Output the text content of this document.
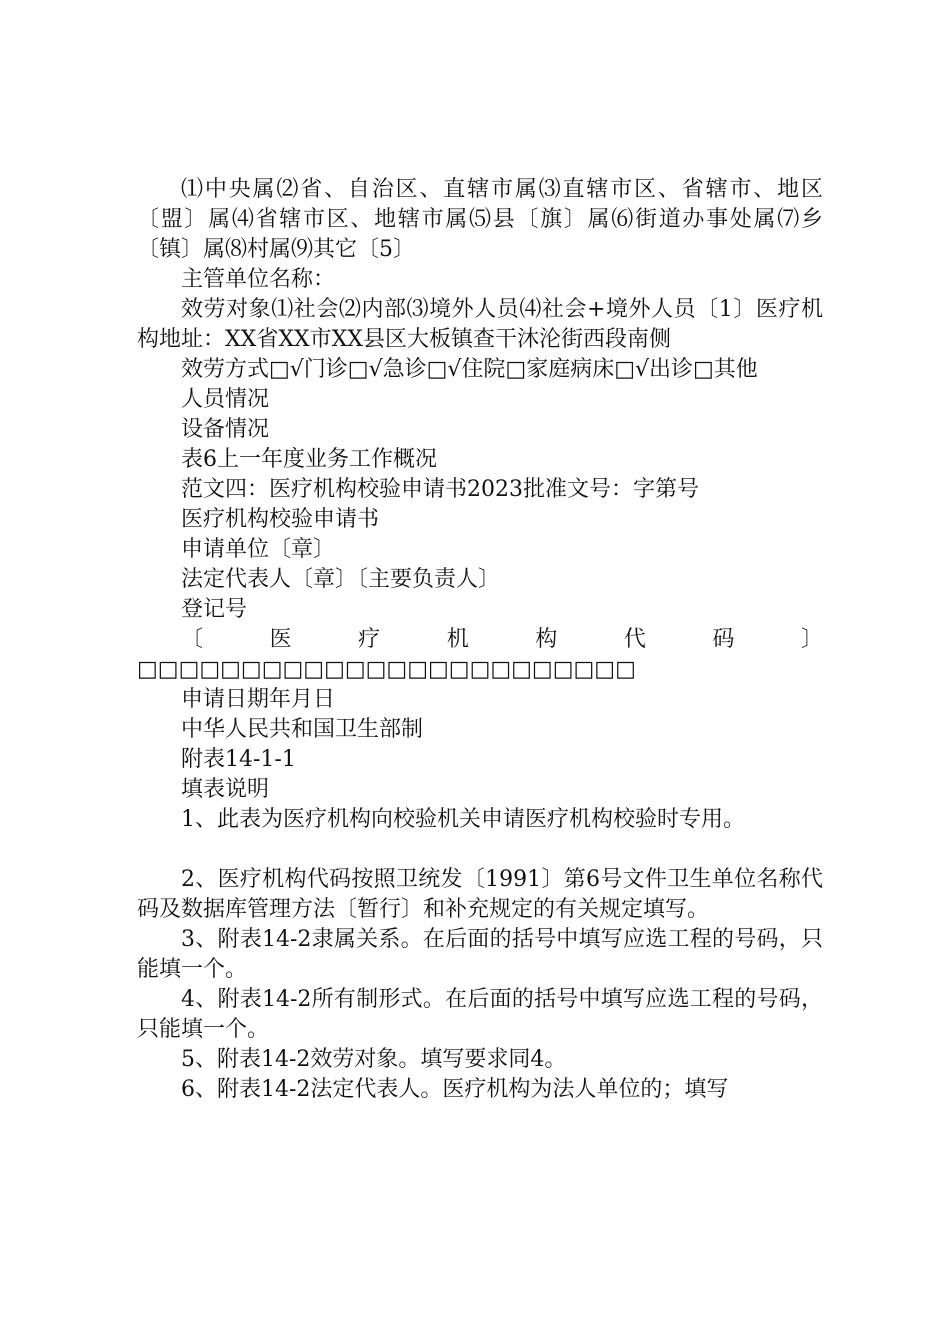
⑴中央属⑵省、自治区、直辖市属⑶直辖市区、省辖市、地区〔盟〕属⑷省辖市区、地辖市属⑸县〔旗〕属⑹街道办事处属⑺乡〔镇〕属⑻村属⑼其它〔5〕

主管单位名称：

效劳对象⑴社会⑵内部⑶境外人员⑷社会+境外人员〔1〕医疗机构地址：XX省XX市XX县区大板镇查干沐沦街西段南侧

效劳方式□√门诊□√急诊□√住院□家庭病床□√出诊□其他

人员情况

设备情况

表6上一年度业务工作概况

范文四：医疗机构校验申请书2023批准文号：字第号

医疗机构校验申请书

申请单位〔章〕

法定代表人〔章〕〔主要负责人〕

登记号

〔医疗机构代码〕□□□□□□□□□□□□□□□□□□□□□□□□

申请日期年月日

中华人民共和国卫生部制

附表14-1-1

填表说明

1、此表为医疗机构向校验机关申请医疗机构校验时专用。

2、医疗机构代码按照卫统发〔1991〕第6号文件卫生单位名称代码及数据库管理方法〔暂行〕和补充规定的有关规定填写。

3、附表14-2隶属关系。在后面的括号中填写应选工程的号码，只能填一个。

4、附表14-2所有制形式。在后面的括号中填写应选工程的号码，只能填一个。

5、附表14-2效劳对象。填写要求同4。

6、附表14-2法定代表人。医疗机构为法人单位的；填写
